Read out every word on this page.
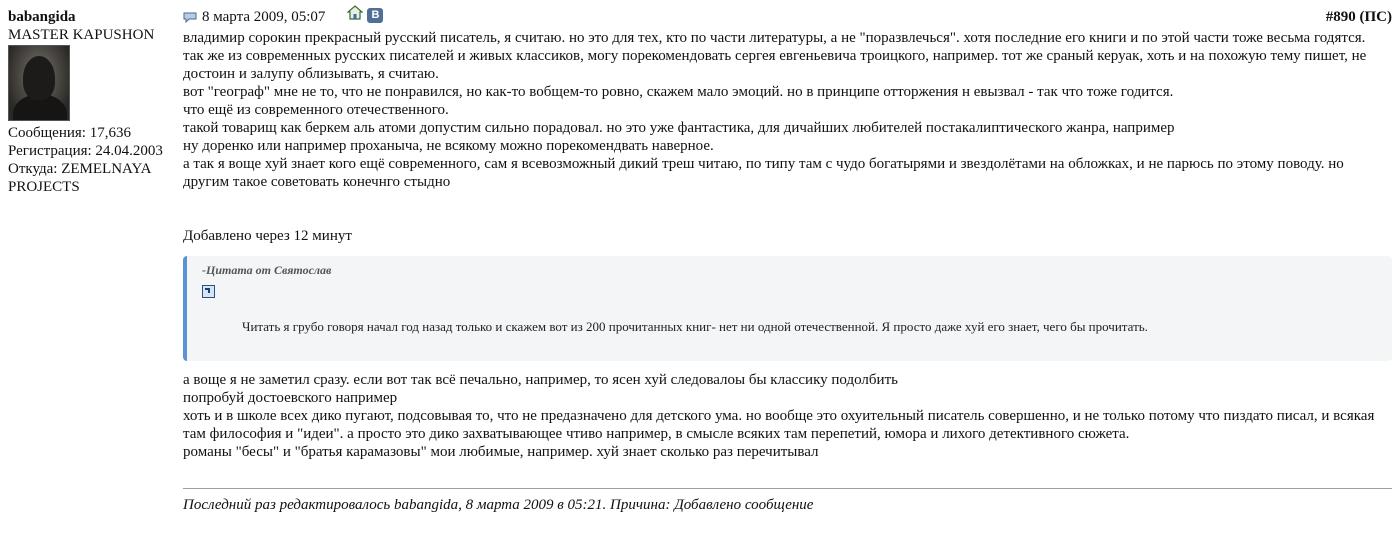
babangida
MASTER KAPUSHON
Сообщения: 17,636
Регистрация: 24.04.2003
Откуда: ZEMELNAYA
PROJECTS
8 марта 2009, 05:07	В	#890 (ПС)

владимир сорокин прекрасный русский писатель, я считаю. но это для тех, кто по части литературы, а не "поразвлечься". хотя последние его книги и по этой части тоже весьма годятся.

так же из современных русских писателей и живых классиков, могу порекомендовать сергея евгеньевича троицкого, например. тот же сраный керуак, хоть и на похожую тему пишет, не достоин и залупу облизывать, я считаю.

вот "географ" мне не то, что не понравился, но как-то вобщем-то ровно, скажем мало эмоций. но в принципе отторжения н евызвал - так что тоже годится.

что ещё из современного отечественного.

такой товарищ как беркем аль атоми допустим сильно порадовал. но это уже фантастика, для дичайших любителей постакалиптического жанра, например

ну доренко или например проханыча, не всякому можно порекомендвать наверное.

а так я воще хуй знает кого ещё современного, сам я всевозможный дикий треш читаю, по типу там с чудо богатырями и звездолётами на обложках, и не парюсь по этому поводу. но другим такое советовать конечнго стыдно

Добавлено через 12 минут

-Цитата от Святослав
Читать я грубо говоря начал год назад только и скажем вот из 200 прочитанных книг- нет ни одной отечественной. Я просто даже хуй его знает, чего бы прочитать.

а воще я не заметил сразу. если вот так всё печально, например, то ясен хуй следовалоы бы классику подолбить

попробуй достоевского например

хоть и в школе всех дико пугают, подсовывая то, что не предазначено для детского ума. но вообще это охуительный писатель совершенно, и не только потому что пиздато писал, и всякая там философия и "идеи". а просто это дико захватывающее чтиво например, в смысле всяких там перепетий, юмора и лихого детективного сюжета.

романы "бесы" и "братья карамазовы" мои любимые, например. хуй знает сколько раз перечитывал

Последний раз редактировалось babangida, 8 марта 2009 в 05:21. Причина: Добавлено сообщение
